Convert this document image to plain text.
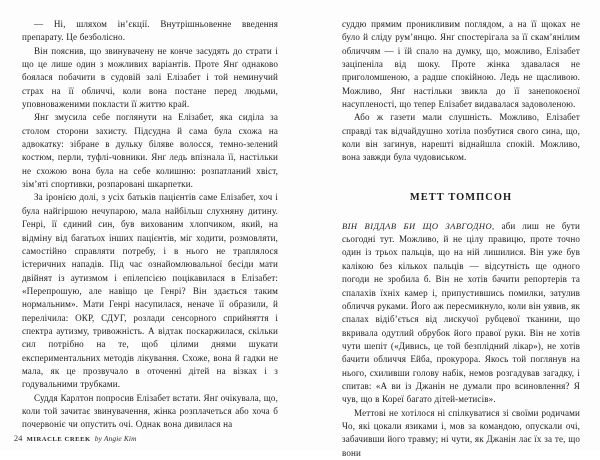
— Ні, шляхом ін’єкції. Внутрішньовенне введення препарату. Це безболісно.

Він пояснив, що звинувачену не конче засудять до страти і що це лише один з можливих варіантів. Проте Янґ однаково боялася побачити в судовій залі Елізабет і той неминучий страх на її обличчі, коли вона постане перед людьми, уповноваженими покласти її життю край.

Янґ змусила себе поглянути на Елізабет, яка сиділа за столом сторони захисту. Підсудна й сама була схожа на адвокатку: зібране в дульку біляве волосся, темно-зелений костюм, перли, туфлі-човники. Янґ ледь впізнала її, настільки не схожою вона була на себе колишню: розпатланий хвіст, зім’яті спортивки, розпаровані шкарпетки.

За іронією долі, з усіх батьків пацієнтів саме Елізабет, хоч і була найгіршою нечупарою, мала найбільш слухняну дитину. Генрі, її єдиний син, був вихованим хлопчиком, який, на відміну від багатьох інших пацієнтів, міг ходити, розмовляти, самостійно справляти потребу, і в нього не траплялося істеричних нападів. Під час ознайомлювальної бесіди мати двійнят із аутизмом і епілепсією поцікавилася в Елізабет: «Перепрошую, але навіщо це Генрі? Він здається таким нормальним». Мати Генрі насупилася, неначе її образили, й перелічила: ОКР, СДУГ, розлади сенсорного сприйняття і спектра аутизму, тривожність. А відтак поскаржилася, скільки сил потрібно на те, щоб цілими днями шукати експериментальних методів лікування. Схоже, вона й гадки не мала, як це прозвучало в оточенні дітей на візках і з годувальними трубками.

Суддя Карлтон попросив Елізабет встати. Янґ очікувала, що, коли той зачитає звинувачення, жінка розплачеться або хоча б почервоніє чи опустить очі. Однак вона дивилася на

24 MIRACLE CREEK by Angie Kim

суддю прямим проникливим поглядом, а на її щоках не було й сліду рум’янцю. Янґ спостерігала за її скам’янілим обличчям — і їй спало на думку, що, можливо, Елізабет заціпеніла від шоку. Проте жінка здавалася не приголомшеною, а радше спокійною. Ледь не щасливою. Можливо, Янґ настільки звикла до її занепокоєної насупленості, що тепер Елізабет видавалася задоволеною.

Або ж газети мали слушність. Можливо, Елізабет справді так відчайдушно хотіла позбутися свого сина, що, коли він загинув, нарешті віднайшла спокій. Можливо, вона завжди була чудовиськом.

МЕТТ ТОМПСОН

ВІН ВІДДАВ БИ ЩО ЗАВГОДНО, аби лиш не бути сьогодні тут. Можливо, й не цілу правицю, проте точно один із трьох пальців, що на ній лишилися. Він уже був калікою без кількох пальців — відсутність ще одного погоди не зробила б. Він не хотів бачити репортерів та спалахів їхніх камер і, припустившись помилки, затулив обличчя руками. Його аж пересмикнуло, коли він уявив, як спалах відіб’ється від лискучої рубцевої тканини, що вкривала одутлий обрубок його правої руки. Він не хотів чути шепіт («Дивись, це той безплідний лікар»), не хотів бачити обличчя Ейба, прокурора. Якось той поглянув на нього, схиливши голову набік, немов розгадував загадку, і спитав: «А ви із Джанін не думали про всиновлення? Я чув, що в Кореї багато дітей-метисів».

Меттові не хотілося ні спілкуватися зі своїми родичами Чо, які цокали язиками і, мов за командою, опускали очі, забачивши його травму; ні чути, як Джанін лає їх за те, що вони
